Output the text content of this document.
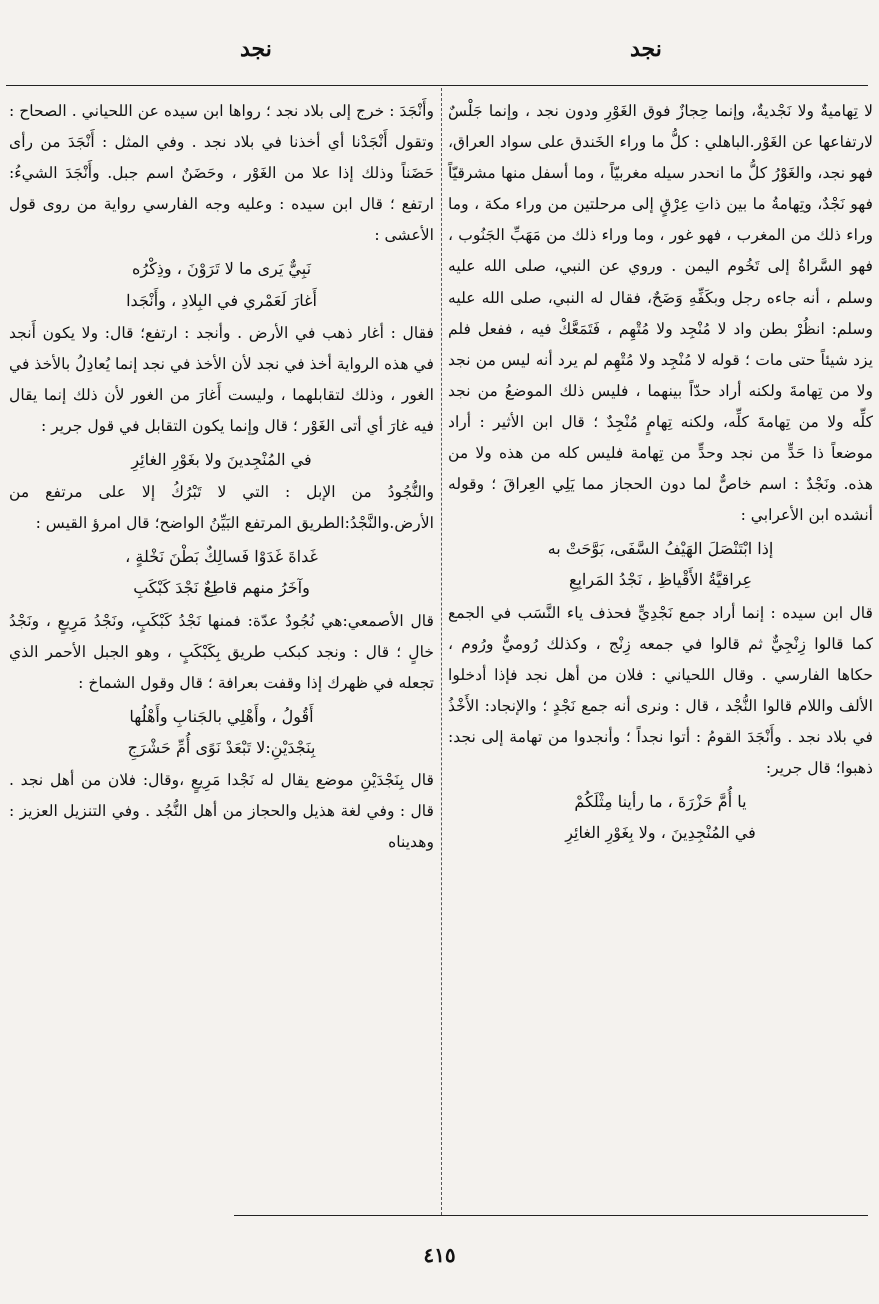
نجد	نجد

لا تِهاميةٌ ولا نَجْديةٌ، وإنما حِجازٌ فوق الغَوْرِ ودون نجد ، وإنما جَلْسٌ لارتفاعها عن الغَوْر.الباهلي : كلُّ ما وراء الخَندق على سواد العراق، فهو نجد، والغَوْرُ كلُّ ما انحدر سيله مغربيّاً ، وما أسفل منها مشرقيّاً فهو نَجْدٌ، وتِهامةُ ما بين ذاتِ عِرْقٍ إلى مرحلتين من وراء مكة ، وما وراء ذلك من المغرب ، فهو غور ، وما وراء ذلك من مَهَبِّ الجَنُوب ، فهو السَّراةُ إلى تَخُوم اليمن . وروي عن النبي، صلى الله عليه وسلم ، أنه جاءه رجل وبكَفِّهِ وَضَحٌ، فقال له النبي، صلى الله عليه وسلم: انظُرْ بطن واد لا مُنْجِد ولا مُتْهِم ، فَتَمَعَّكْ فيه ، ففعل فلم يزد شيئاً حتى مات ؛ قوله لا مُنْجِد ولا مُتْهِم لم يرد أنه ليس من نجد ولا من تِهامةَ ولكنه أراد حدّاً بينهما ، فليس ذلك الموضعُ من نجد كلِّه ولا من تِهامةَ كلِّه، ولكنه تِهامٍ مُنْجِدٌ ؛ قال ابن الأثير : أراد موضعاً ذا حَدٍّ من نجد وحدٍّ من تِهامة فليس كله من هذه ولا من هذه. ونَجْدٌ : اسم خاصٌّ لما دون الحجاز مما يَلِي العِراقَ ؛ وقوله أنشده ابن الأعرابي :

إذا ابْتَنْصَلَ الهَيْفُ السَّفَى، بَوَّحَتْ به
عِراقيَّةُ الأَقْياظِ ، نَجْدُ المَرابِعِ

قال ابن سيده : إنما أراد جمع نَجْدِيٍّ فحذف ياء النَّسَب في الجمع كما قالوا زِنْجِيٌّ ثم قالوا في جمعه زِنْج ، وكذلك رُوميٌّ ورُوم ، حكاها الفارسي . وقال اللحياني : فلان من أهل نجد فإذا أدخلوا الألف واللام قالوا النُّجْد ، قال : ونرى أنه جمع نَجْدٍ ؛ والإنجاد: الأَخْذُ في بلاد نجد . وأَنْجَدَ القومُ : أتوا نجداً ؛ وأنجدوا من تهامة إلى نجد: ذهبوا؛ قال جرير:

يا أُمَّ حَزْرَةَ ، ما رأينا مِثْلَكُمْ
في المُنْجِدِينَ ، ولا بِغَوْرِ الغائِرِ

وأَنْجَدَ : خرج إلى بلاد نجد ؛ رواها ابن سيده عن اللحياني . الصحاح : وتقول أَنْجَدْنا أي أخذنا في بلاد نجد . وفي المثل : أَنْجَدَ من رأى حَضَناً وذلك إذا علا من الغَوْر ، وحَضَنٌ اسم جبل. وأَنْجَدَ الشيءُ: ارتفع ؛ قال ابن سيده : وعليه وجه الفارسي رواية من روى قول الأعشى :

نَبِيٌّ يَرى ما لا تَرَوْنَ ، وذِكْرُه
أَغارَ لَعَمْري في البِلادِ ، وأَنْجَدا

فقال : أغار ذهب في الأرض . وأنجد : ارتفع؛ قال: ولا يكون أَنجد في هذه الرواية أخذ في نجد لأن الأخذ في نجد إنما يُعادِلُ بالأخذ في الغور ، وذلك لتقابلهما ، وليست أَغارَ من الغور لأن ذلك إنما يقال فيه غارَ أي أتى الغَوْر ؛ قال وإنما يكون التقابل في قول جرير :

في المُنْجِدينَ ولا بغَوْرِ الغائِرِ

والنُّجُودُ من الإبل : التي لا تَبْرُكُ إلا على مرتفع من الأرض.والنَّجْدُ:الطريق المرتفع البَيِّنُ الواضح؛ قال امرؤ القيس :

غَداةَ غَدَوْا فَسالِكٌ بَطْنَ نَخْلةٍ ،
وآخَرُ منهم قاطِعٌ نَجْدَ كَبْكَبِ

قال الأصمعي:هي نُجُودٌ عدّة: فمنها نَجْدُ كَبْكَبٍ، ونَجْدُ مَرِيعٍ ، ونَجْدُ خالٍ ؛ قال : ونجد كبكب طريق بِكَبْكَبٍ ، وهو الجبل الأحمر الذي تجعله في ظهرك إذا وقفت بعرافة ؛ قال وقول الشماخ :

أَقُولُ ، وأَهْلِي بالجَنابِ وأَهْلُها
بِنَجْدَيْنِ:لا تَبْعَدْ نَوًى أُمِّ حَشْرَجِ

قال بِنَجْدَيْنِ موضع يقال له نَجْدا مَرِيعٍ ،وقال: فلان من أهل نجد . قال : وفي لغة هذيل والحجاز من أهل النُّجُد . وفي التنزيل العزيز : وهديناه

٤١٥
